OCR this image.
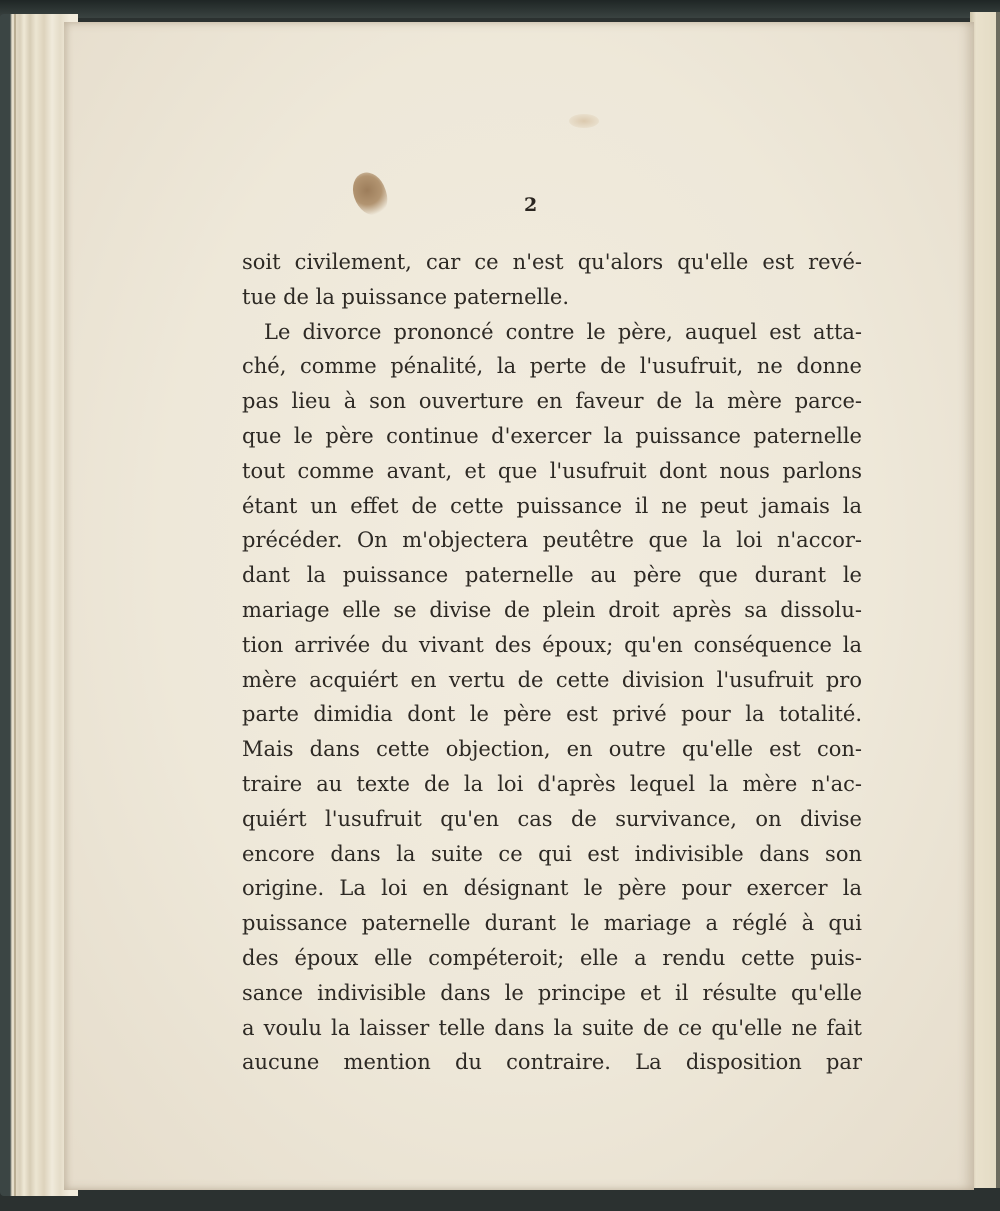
2
soit civilement, car ce n'est qu'alors qu'elle est revé-
tue de la puissance paternelle.
Le divorce prononcé contre le père, auquel est atta-
ché, comme pénalité, la perte de l'usufruit, ne donne
pas lieu à son ouverture en faveur de la mère parce-
que le père continue d'exercer la puissance paternelle
tout comme avant, et que l'usufruit dont nous parlons
étant un effet de cette puissance il ne peut jamais la
précéder. On m'objectera peutêtre que la loi n'accor-
dant la puissance paternelle au père que durant le
mariage elle se divise de plein droit après sa dissolu-
tion arrivée du vivant des époux; qu'en conséquence la
mère acquiért en vertu de cette division l'usufruit pro
parte dimidia dont le père est privé pour la totalité.
Mais dans cette objection, en outre qu'elle est con-
traire au texte de la loi d'après lequel la mère n'ac-
quiért l'usufruit qu'en cas de survivance, on divise
encore dans la suite ce qui est indivisible dans son
origine. La loi en désignant le père pour exercer la
puissance paternelle durant le mariage a réglé à qui
des époux elle compéteroit; elle a rendu cette puis-
sance indivisible dans le principe et il résulte qu'elle
a voulu la laisser telle dans la suite de ce qu'elle ne fait
aucune mention du contraire. La disposition par
